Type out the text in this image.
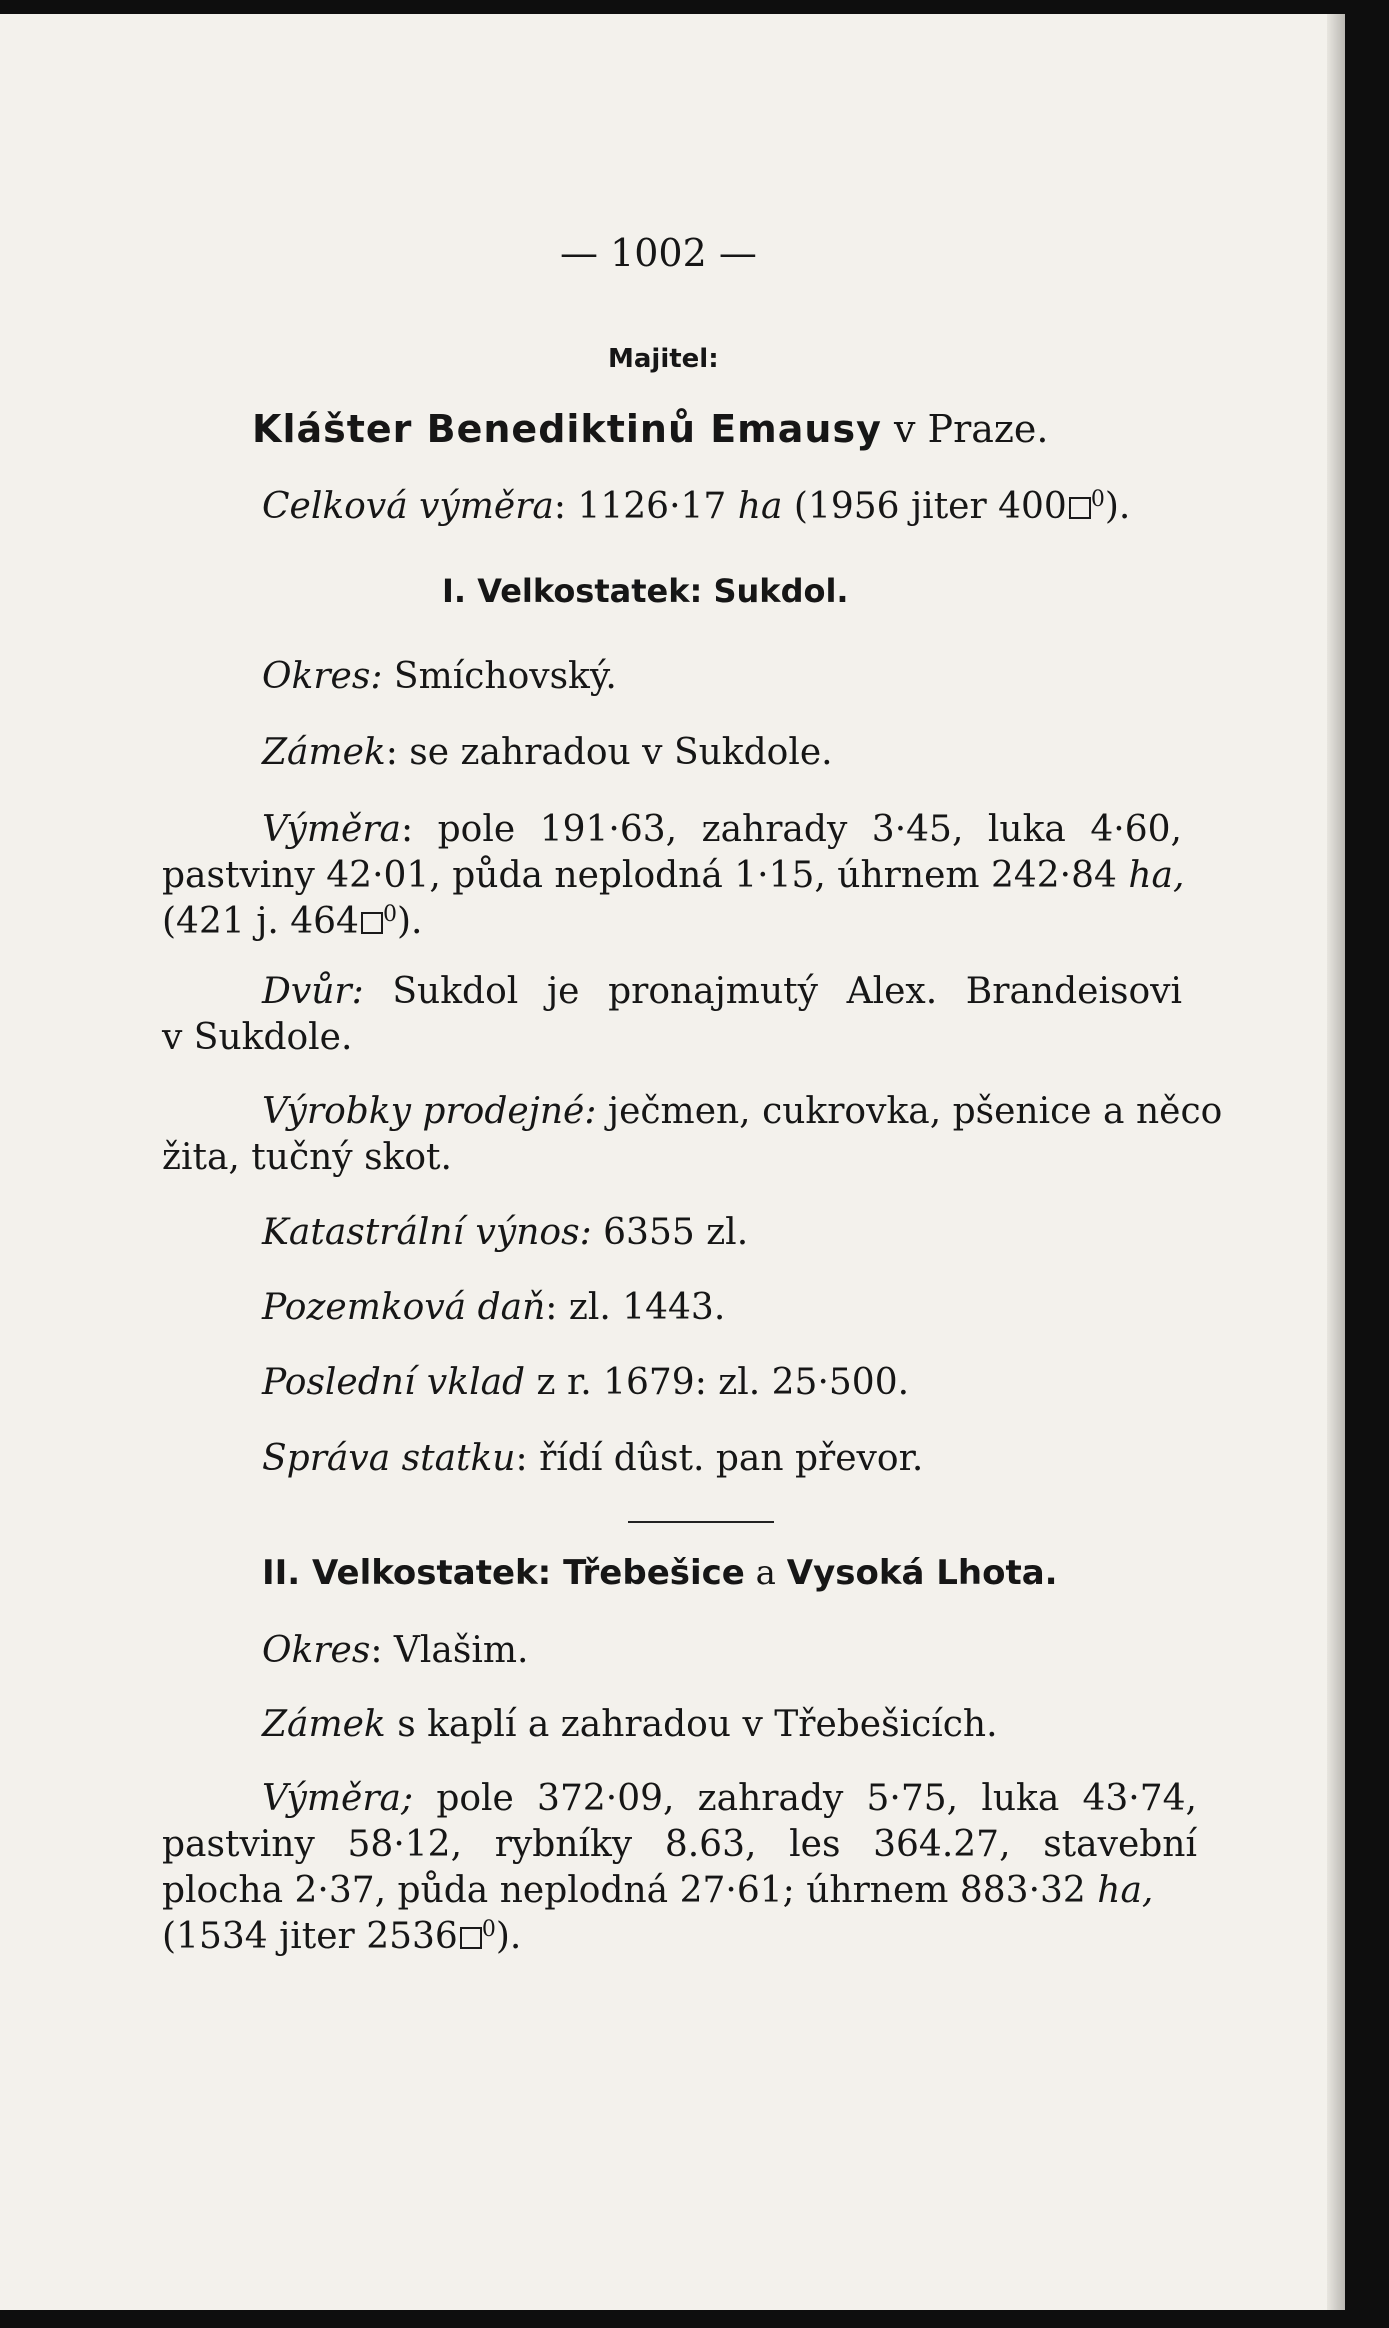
— 1002 —
Majitel:
Klášter Benediktinů Emausy v Praze.
Celková výměra: 1126·17 ha (1956 jiter 400 $^0$).
I. Velkostatek: Sukdol.
Okres: Smíchovský.
Zámek: se zahradou v Sukdole.
Výměra: pole 191·63, zahrady 3·45, luka 4·60,
pastviny 42·01, půda neplodná 1·15, úhrnem 242·84 ha,
(421 j. 464 $^0$).
Dvůr: Sukdol je pronajmutý Alex. Brandeisovi
v Sukdole.
Výrobky prodejné: ječmen, cukrovka, pšenice a něco
žita, tučný skot.
Katastrální výnos: 6355 zl.
Pozemková daň: zl. 1443.
Poslední vklad z r. 1679: zl. 25·500.
Správa statku: řídí dûst. pan převor.
II. Velkostatek: Třebešice a Vysoká Lhota.
Okres: Vlašim.
Zámek s kaplí a zahradou v Třebešicích.
Výměra; pole 372·09, zahrady 5·75, luka 43·74,
pastviny 58·12, rybníky 8.63, les 364.27, stavební
plocha 2·37, půda neplodná 27·61; úhrnem 883·32 ha,
(1534 jiter 2536 $^0$).
